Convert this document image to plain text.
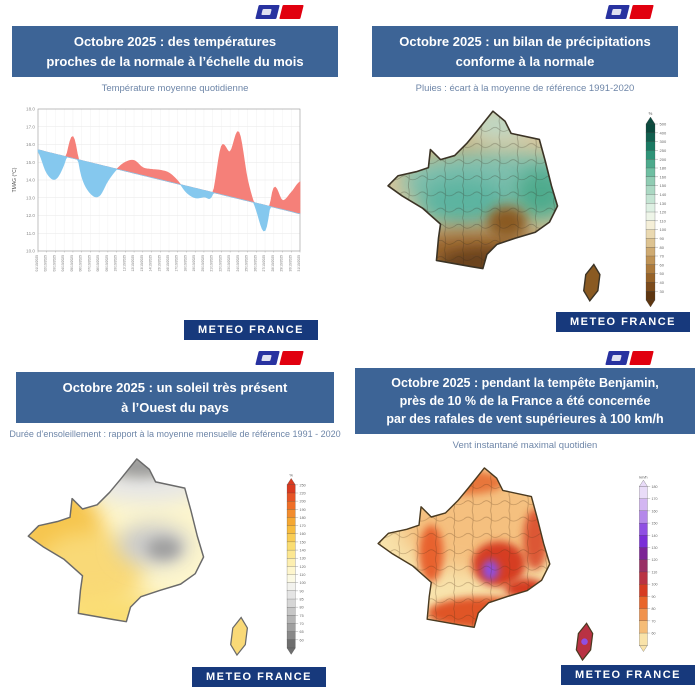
Octobre 2025 : des températures
proches de la normale à l’échelle du mois
Température moyenne quotidienne
18.0
17.0
16.0
15.0
14.0
13.0
12.0
11.0
10.0
TMAG (°C)
01/10/2025 02/10/2025 03/10/2025 04/10/2025 05/10/2025 06/10/2025 07/10/2025 08/10/2025 09/10/2025 10/10/2025 11/10/2025 12/10/2025 13/10/2025 14/10/2025 15/10/2025 16/10/2025 17/10/2025 18/10/2025 19/10/2025 20/10/2025 21/10/2025 22/10/2025 23/10/2025 24/10/2025 25/10/2025 26/10/2025 27/10/2025 28/10/2025 29/10/2025 30/10/2025 31/10/2025
METEO FRANCE
Octobre 2025 : un bilan de précipitations
conforme à la normale
Pluies : écart à la moyenne de référence 1991-2020
%
500
400
300
250
200
180
160
150
140
130
120
110
100
90
80
70
60
50
40
30
METEO FRANCE
Octobre 2025 : un soleil très présent
à l’Ouest du pays
Durée d’ensoleillement : rapport à la moyenne mensuelle de référence 1991 - 2020
%
250
220
200
190
180
170
160
150
140
130
120
110
100
90
85
80
75
70
65
60
METEO FRANCE
Octobre 2025 : pendant la tempête Benjamin,
près de 10 % de la France a été concernée
par des rafales de vent supérieures à 100 km/h
Vent instantané maximal quotidien
km/h
180
170
160
150
140
130
120
110
100
90
80
70
60
METEO FRANCE
